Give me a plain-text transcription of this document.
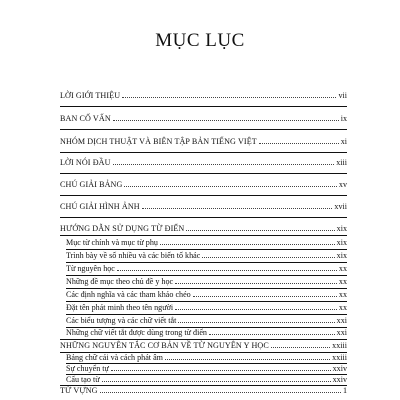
MỤC LỤC
LỜI GIỚI THIỆU	vii
BAN CỐ VẤN	ix
NHÓM DỊCH THUẬT VÀ BIÊN TẬP BẢN TIẾNG VIỆT	xi
LỜI NÓI ĐẦU	xiii
CHÚ GIẢI BẢNG	xv
CHÚ GIẢI HÌNH ẢNH	xvii
HƯỚNG DẪN SỬ DỤNG TỪ ĐIỂN	xix
Mục từ chính và mục từ phụ	xix
Trình bày về số nhiều và các biến tố khác	xix
Từ nguyên học	xx
Những đề mục theo chủ đề y học	xx
Các định nghĩa và các tham khảo chéo	xx
Đặt tên phát minh theo tên người	xx
Các biểu tượng và các chữ viết tắt	xxi
Những chữ viết tắt được dùng trong từ điển	xxi
NHỮNG NGUYÊN TẮC CƠ BẢN VỀ TỪ NGUYÊN Y HỌC	xxiii
Bảng chữ cái và cách phát âm	xxiii
Sự chuyển tự	xxiv
Cấu tạo từ	xxiv
TỪ VỰNG	1
